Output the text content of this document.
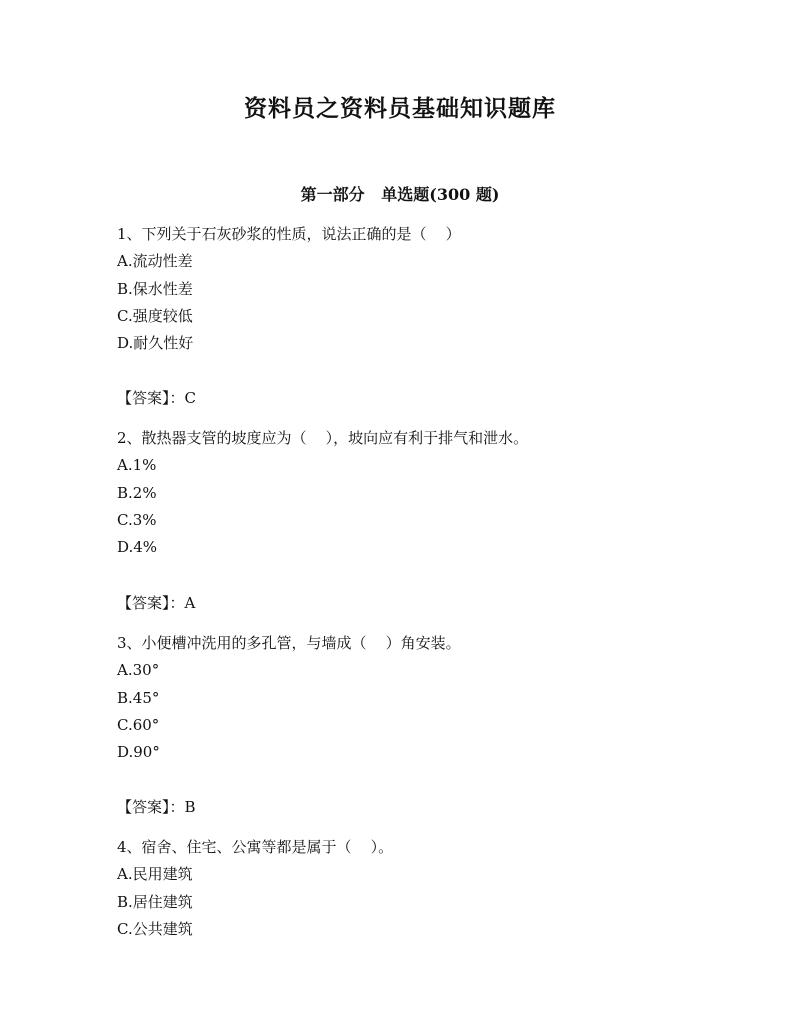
资料员之资料员基础知识题库
第一部分   单选题(300 题)
1、下列关于石灰砂浆的性质，说法正确的是（    ）
A.流动性差
B.保水性差
C.强度较低
D.耐久性好
【答案】：C
2、散热器支管的坡度应为（    ），坡向应有利于排气和泄水。
A.1%
B.2%
C.3%
D.4%
【答案】：A
3、小便槽冲洗用的多孔管，与墙成（    ）角安装。
A.30°
B.45°
C.60°
D.90°
【答案】：B
4、宿舍、住宅、公寓等都是属于（    ）。
A.民用建筑
B.居住建筑
C.公共建筑
